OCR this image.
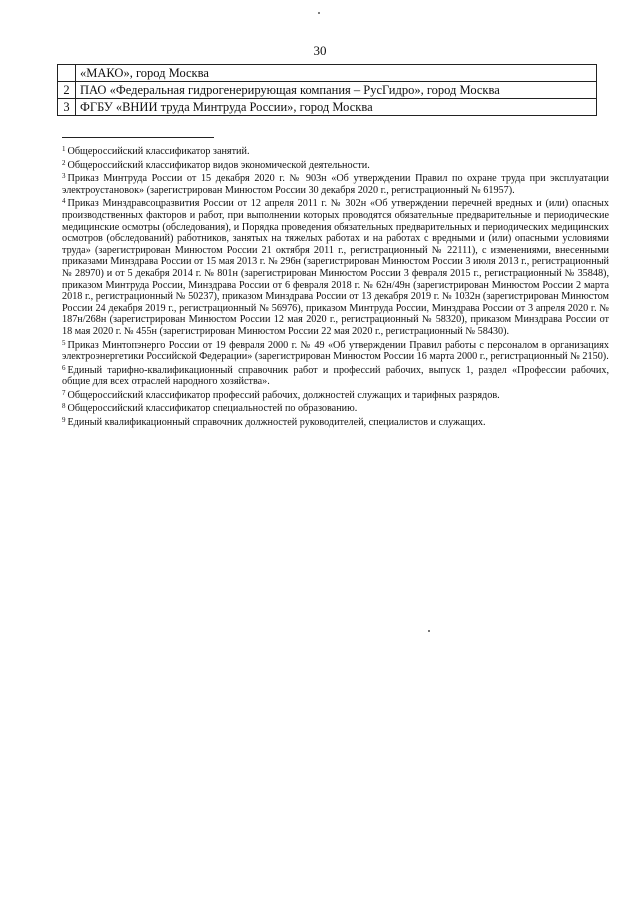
30
	«МАКО», город Москва
2	ПАО «Федеральная гидрогенерирующая компания – РусГидро», город Москва
3	ФГБУ «ВНИИ труда Минтруда России», город Москва

$^1$ Общероссийский классификатор занятий.

$^2$ Общероссийский классификатор видов экономической деятельности.

$^3$ Приказ Минтруда России от 15 декабря 2020 г. № 903н «Об утверждении Правил по охране труда при эксплуатации электроустановок» (зарегистрирован Минюстом России 30 декабря 2020 г., регистрационный № 61957).

$^4$ Приказ Минздравсоцразвития России от 12 апреля 2011 г. № 302н «Об утверждении перечней вредных и (или) опасных производственных факторов и работ, при выполнении которых проводятся обязательные предварительные и периодические медицинские осмотры (обследования), и Порядка проведения обязательных предварительных и периодических медицинских осмотров (обследований) работников, занятых на тяжелых работах и на работах с вредными и (или) опасными условиями труда» (зарегистрирован Минюстом России 21 октября 2011 г., регистрационный № 22111), с изменениями, внесенными приказами Минздрава России от 15 мая 2013 г. № 296н (зарегистрирован Минюстом России 3 июля 2013 г., регистрационный № 28970) и от 5 декабря 2014 г. № 801н (зарегистрирован Минюстом России 3 февраля 2015 г., регистрационный № 35848), приказом Минтруда России, Минздрава России от 6 февраля 2018 г. № 62н/49н (зарегистрирован Минюстом России 2 марта 2018 г., регистрационный № 50237), приказом Минздрава России от 13 декабря 2019 г. № 1032н (зарегистрирован Минюстом России 24 декабря 2019 г., регистрационный № 56976), приказом Минтруда России, Минздрава России от 3 апреля 2020 г. № 187н/268н (зарегистрирован Минюстом России 12 мая 2020 г., регистрационный № 58320), приказом Минздрава России от 18 мая 2020 г. № 455н (зарегистрирован Минюстом России 22 мая 2020 г., регистрационный № 58430).

$^5$ Приказ Минтопэнерго России от 19 февраля 2000 г. № 49 «Об утверждении Правил работы с персоналом в организациях электроэнергетики Российской Федерации» (зарегистрирован Минюстом России 16 марта 2000 г., регистрационный № 2150).

$^6$ Единый тарифно-квалификационный справочник работ и профессий рабочих, выпуск 1, раздел «Профессии рабочих, общие для всех отраслей народного хозяйства».

$^7$ Общероссийский классификатор профессий рабочих, должностей служащих и тарифных разрядов.

$^8$ Общероссийский классификатор специальностей по образованию.

$^9$ Единый квалификационный справочник должностей руководителей, специалистов и служащих.
